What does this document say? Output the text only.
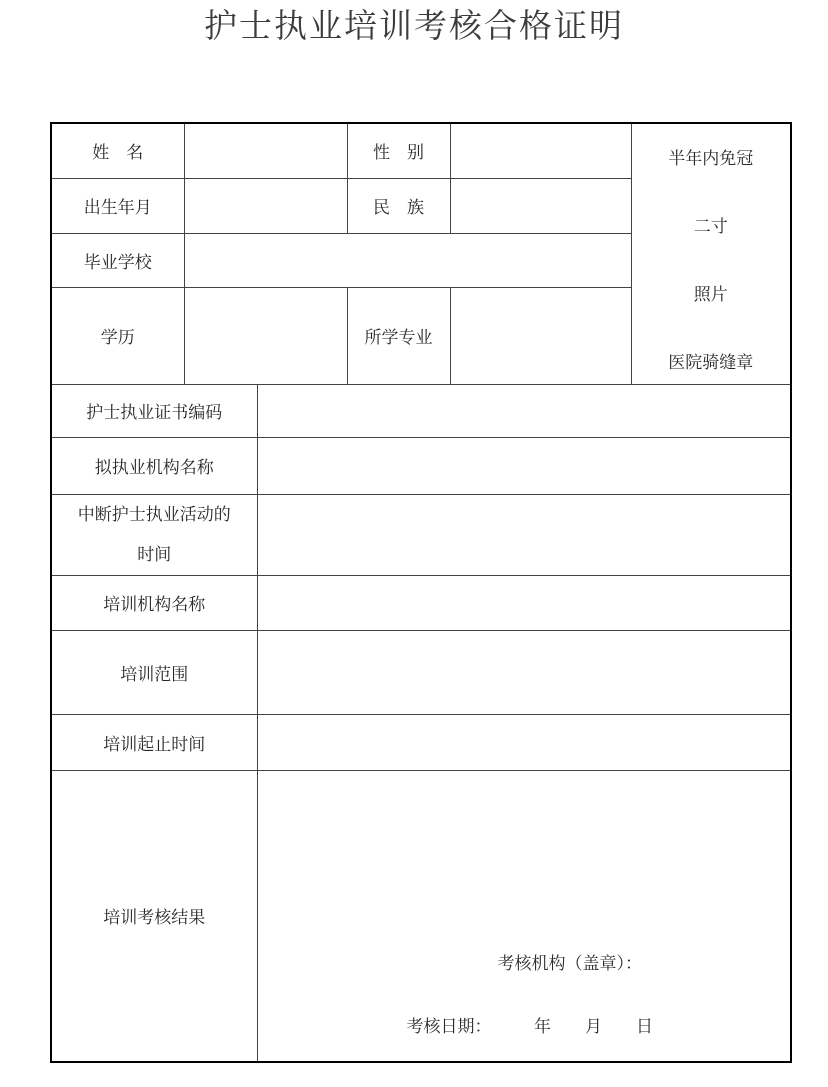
护士执业培训考核合格证明
姓　名			性　别		半年内免冠
二寸
照片
医院骑缝章

出生年月			民　族		
毕业学校					
学历			所学专业		
护士执业证书编码					
拟执业机构名称					
中断护士执业活动的时间					
培训机构名称					
培训范围					
培训起止时间					
培训考核结果		考核机构（盖章）：
考核日期：　　　年　　月　　日			
